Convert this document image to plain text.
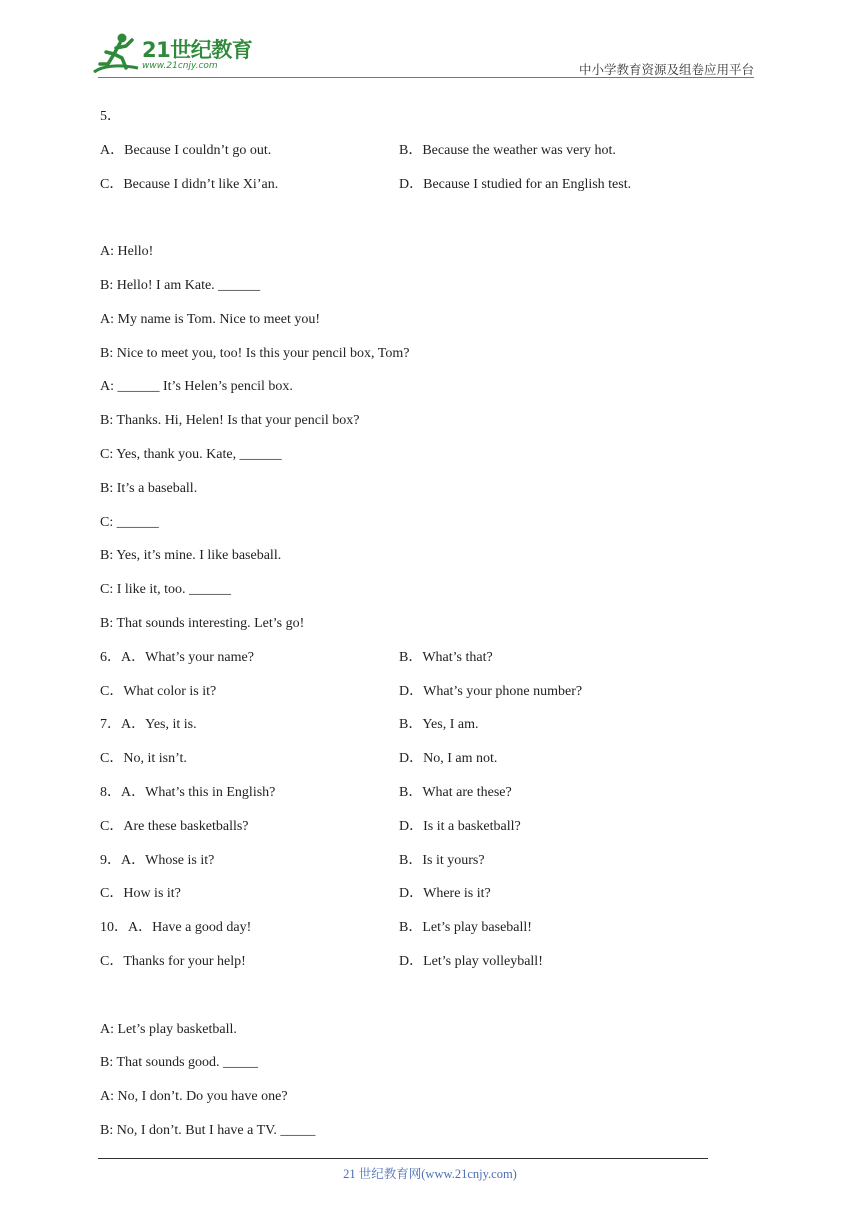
21世纪教育
www.21cnjy.com	中小学教育资源及组卷应用平台
5．
A．Because I couldn’t go out.	B．Because the weather was very hot.
C．Because I didn’t like Xi’an.	D．Because I studied for an English test.
A: Hello!
B: Hello! I am Kate. ______
A: My name is Tom. Nice to meet you!
B: Nice to meet you, too! Is this your pencil box, Tom?
A: ______ It’s Helen’s pencil box.
B: Thanks. Hi, Helen! Is that your pencil box?
C: Yes, thank you. Kate, ______
B: It’s a baseball.
C: ______
B: Yes, it’s mine. I like baseball.
C: I like it, too. ______
B: That sounds interesting. Let’s go!
6．A．What’s your name?	B．What’s that?
C．What color is it?	D．What’s your phone number?
7．A．Yes, it is.	B．Yes, I am.
C．No, it isn’t.	D．No, I am not.
8．A．What’s this in English?	B．What are these?
C．Are these basketballs?	D．Is it a basketball?
9．A．Whose is it?	B．Is it yours?
C．How is it?	D．Where is it?
10．A．Have a good day!	B．Let’s play baseball!
C．Thanks for your help!	D．Let’s play volleyball!
A: Let’s play basketball.
B: That sounds good. _____
A: No, I don’t. Do you have one?
B: No, I don’t. But I have a TV. _____
21 世纪教育网(www.21cnjy.com)
